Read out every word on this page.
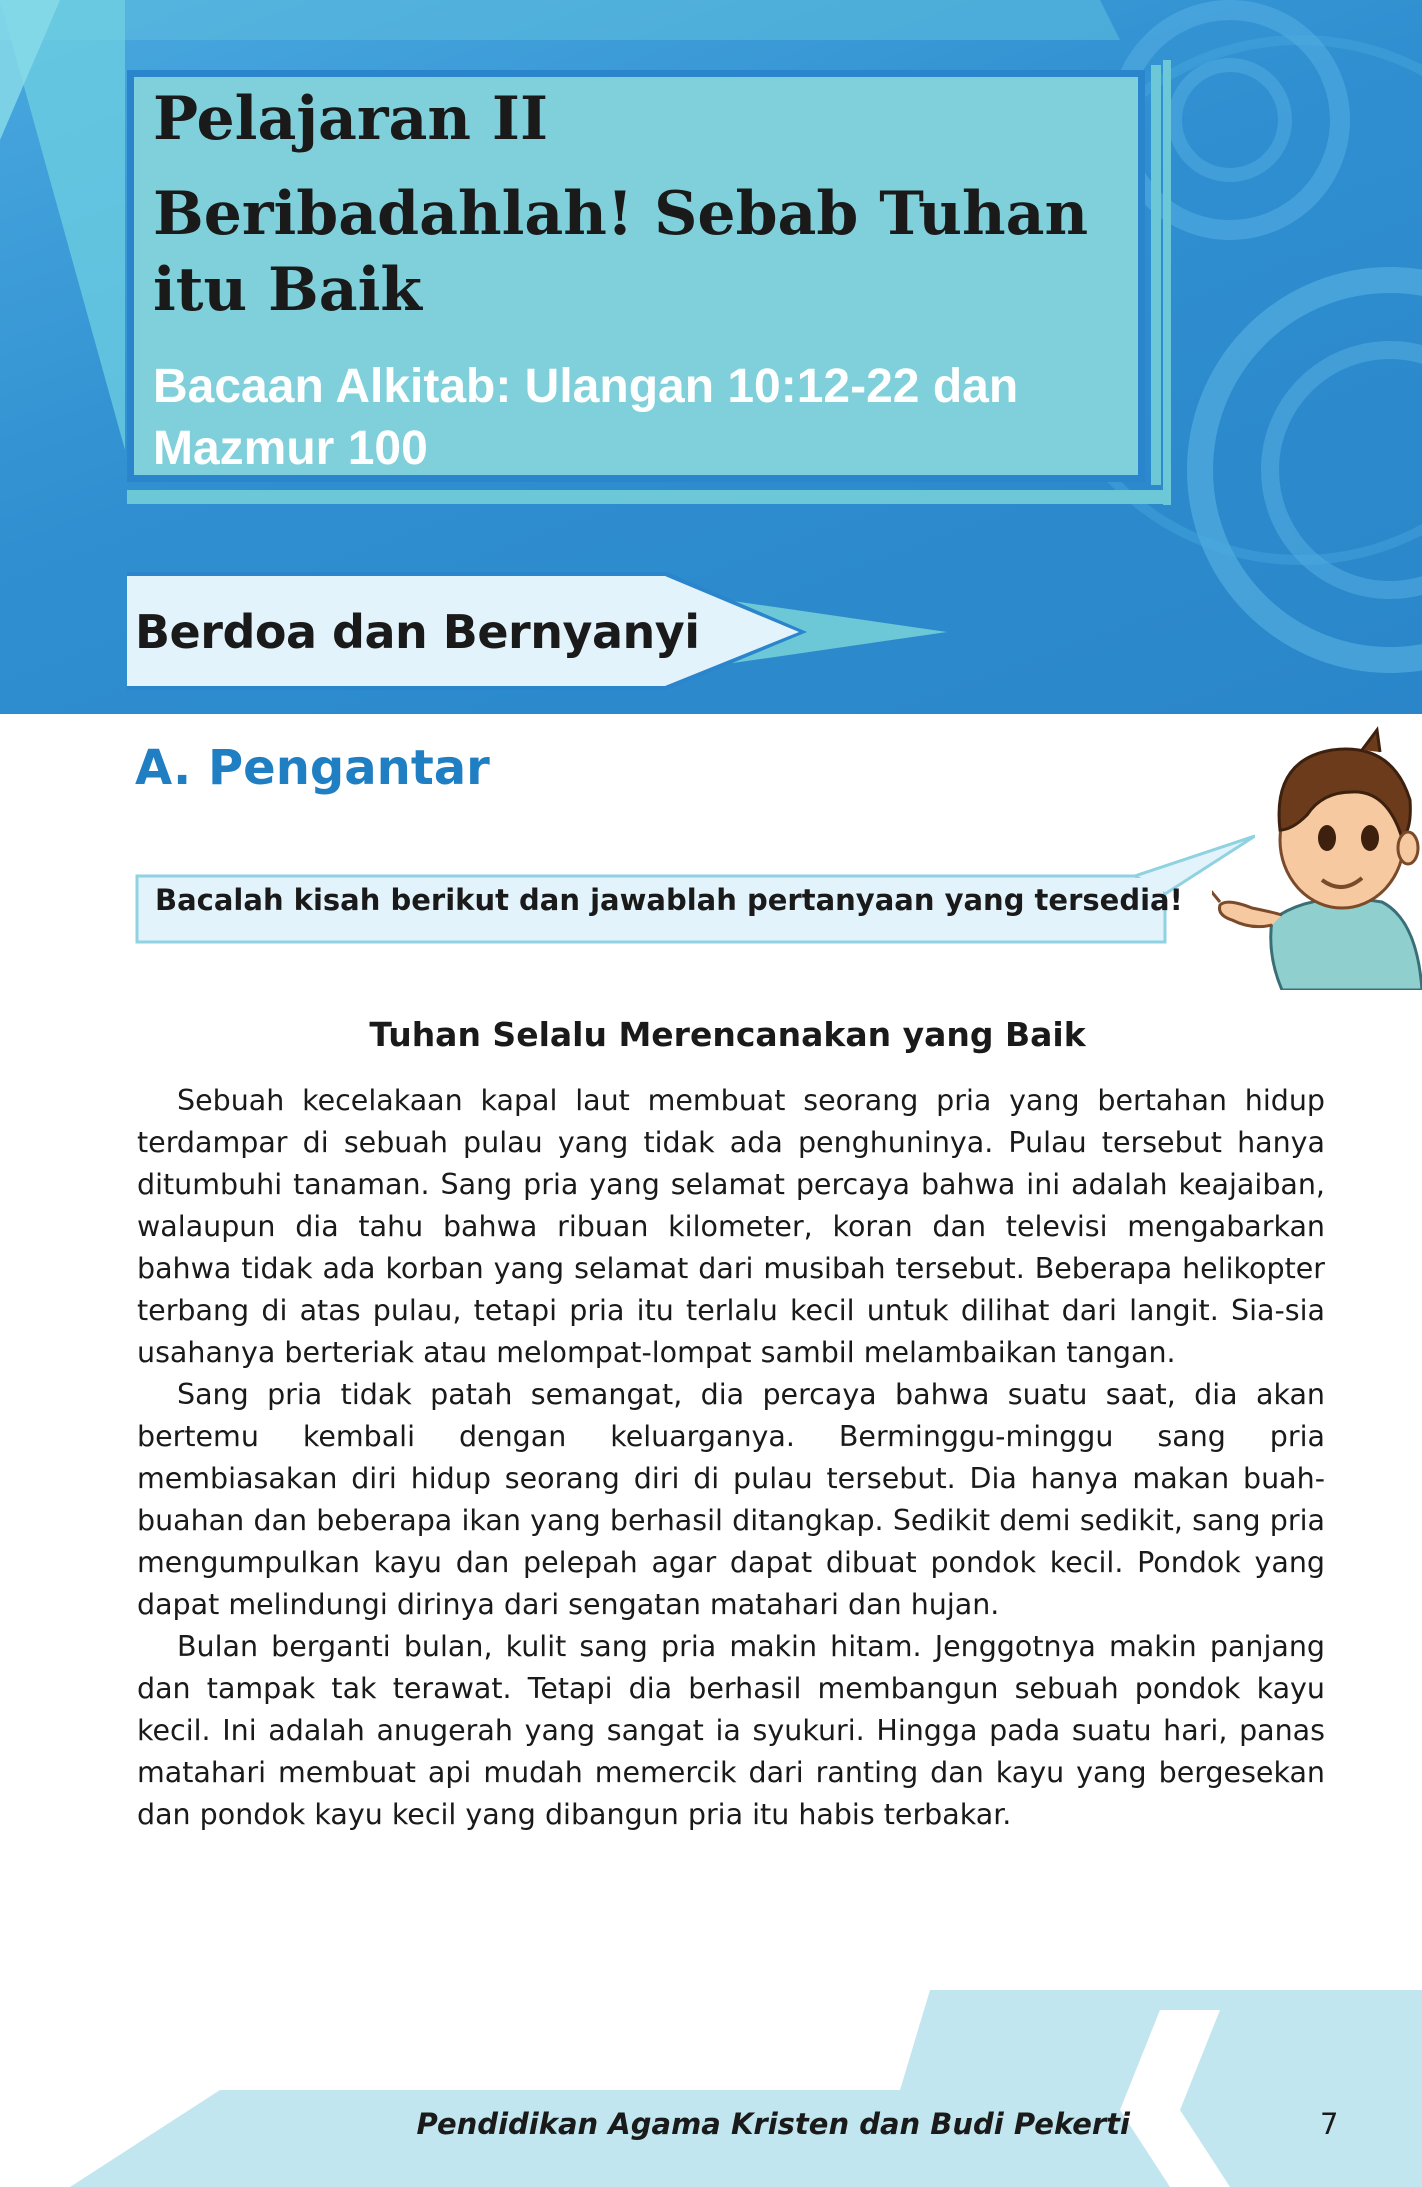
Pelajaran II
Beribadahlah! Sebab Tuhan itu Baik
Bacaan Alkitab: Ulangan 10:12-22 dan Mazmur 100
Berdoa dan Bernyanyi
A. Pengantar
Bacalah kisah berikut dan jawablah pertanyaan yang tersedia!
Tuhan Selalu Merencanakan yang Baik

Sebuah kecelakaan kapal laut membuat seorang pria yang bertahan hidup terdampar di sebuah pulau yang tidak ada penghuninya. Pulau tersebut hanya ditumbuhi tanaman. Sang pria yang selamat percaya bahwa ini adalah keajaiban, walaupun dia tahu bahwa ribuan kilometer, koran dan televisi mengabarkan bahwa tidak ada korban yang selamat dari musibah tersebut. Beberapa helikopter terbang di atas pulau, tetapi pria itu terlalu kecil untuk dilihat dari langit. Sia-sia usahanya berteriak atau melompat-lompat sambil melambaikan tangan.

Sang pria tidak patah semangat, dia percaya bahwa suatu saat, dia akan bertemu kembali dengan keluarganya. Berminggu-minggu sang pria membiasakan diri hidup seorang diri di pulau tersebut. Dia hanya makan buah-buahan dan beberapa ikan yang berhasil ditangkap. Sedikit demi sedikit, sang pria mengumpulkan kayu dan pelepah agar dapat dibuat pondok kecil. Pondok yang dapat melindungi dirinya dari sengatan matahari dan hujan.

Bulan berganti bulan, kulit sang pria makin hitam. Jenggotnya makin panjang dan tampak tak terawat. Tetapi dia berhasil membangun sebuah pondok kayu kecil. Ini adalah anugerah yang sangat ia syukuri. Hingga pada suatu hari, panas matahari membuat api mudah memercik dari ranting dan kayu yang bergesekan dan pondok kayu kecil yang dibangun pria itu habis terbakar.

Pendidikan Agama Kristen dan Budi Pekerti	7
